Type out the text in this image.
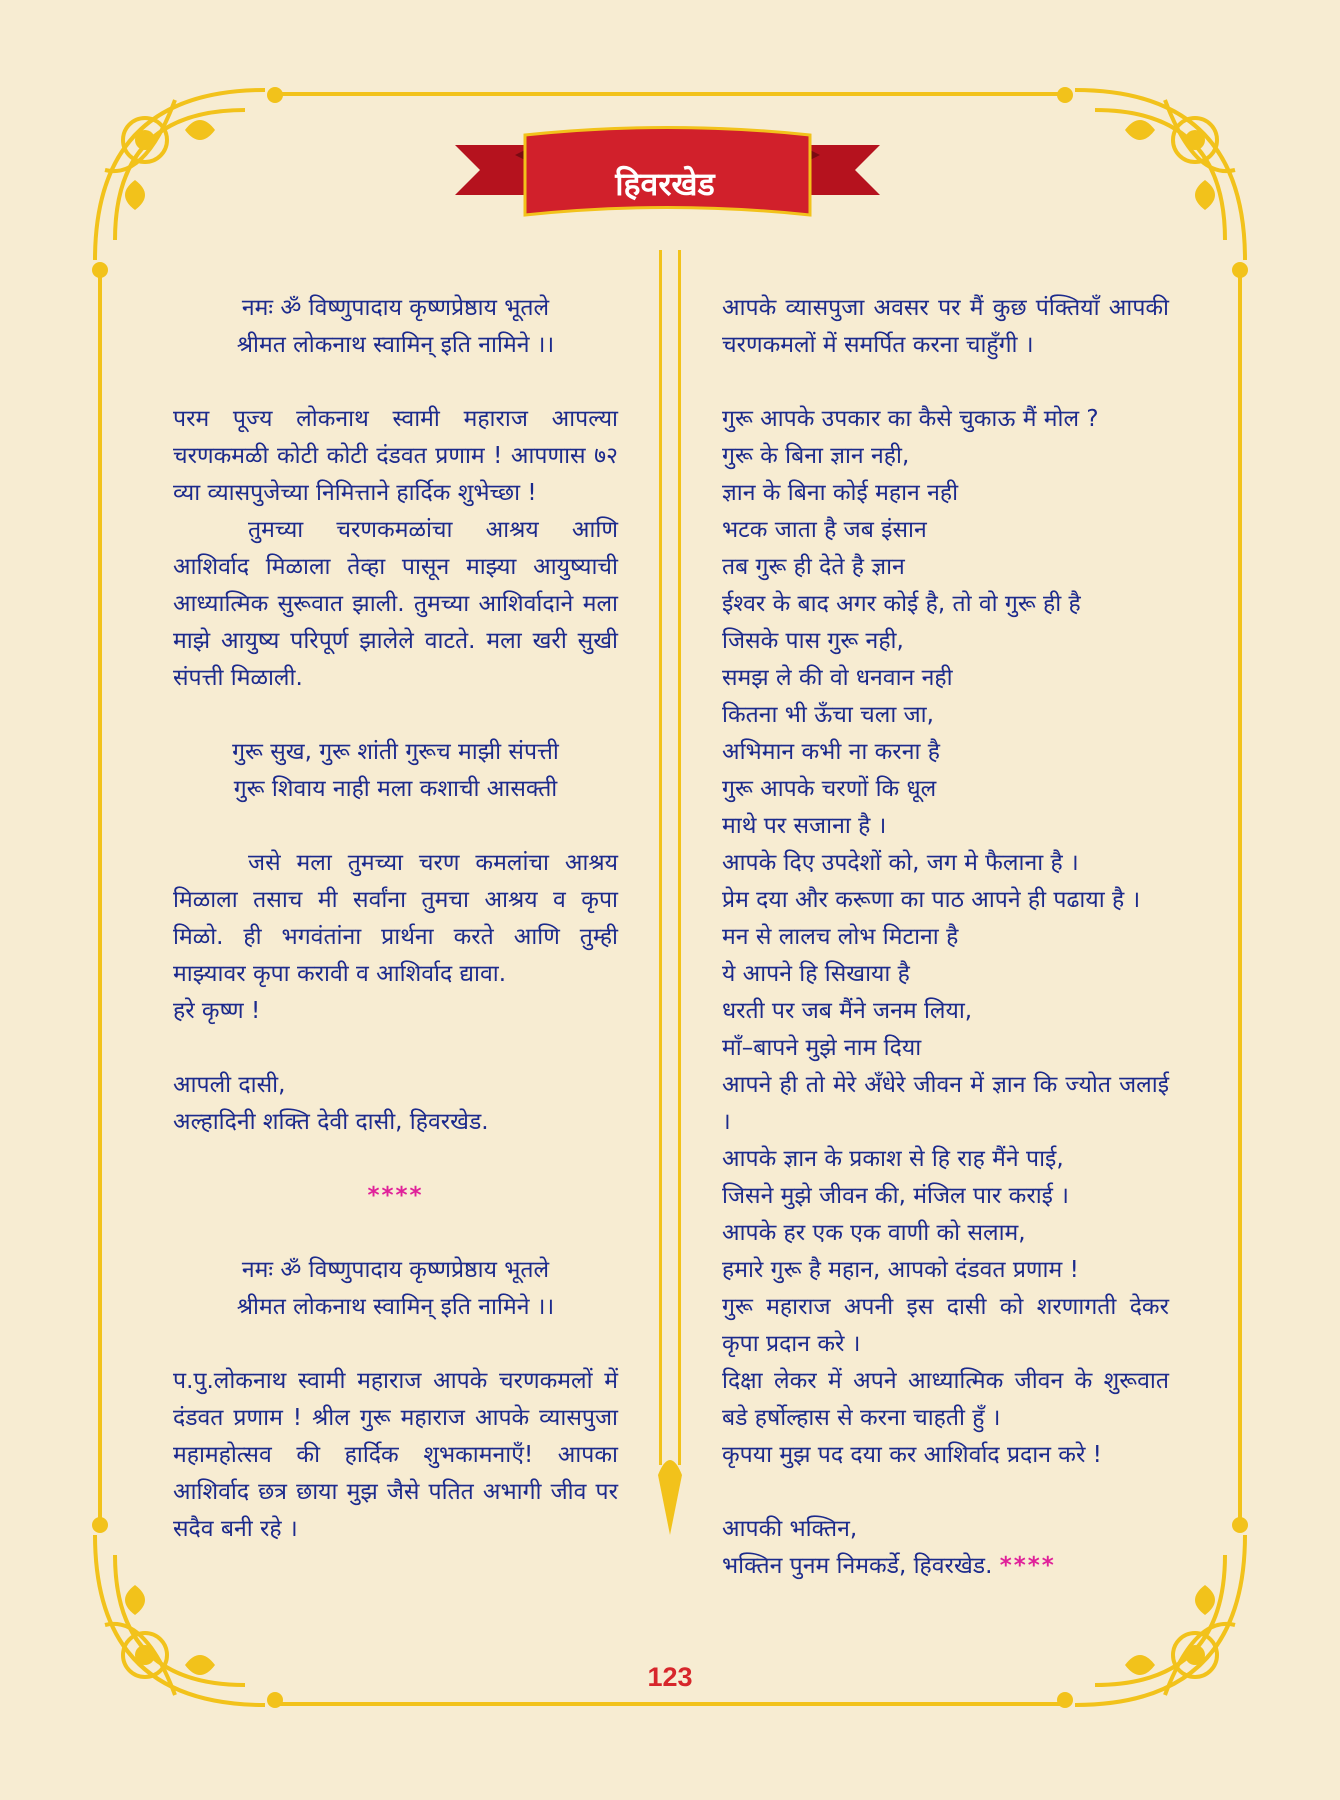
हिवरखेड

नमः ॐ विष्णुपादाय कृष्णप्रेष्ठाय भूतले

श्रीमत लोकनाथ स्वामिन् इति नामिने ।।

परम पूज्य लोकनाथ स्वामी महाराज आपल्या चरणकमळी कोटी कोटी दंडवत प्रणाम ! आपणास ७२ व्या व्यासपुजेच्या निमित्ताने हार्दिक शुभेच्छा !

तुमच्या चरणकमळांचा आश्रय आणि आशिर्वाद मिळाला तेव्हा पासून माझ्या आयुष्याची आध्यात्मिक सुरूवात झाली. तुमच्या आशिर्वादाने मला माझे आयुष्य परिपूर्ण झालेले वाटते. मला खरी सुखी संपत्ती मिळाली.

गुरू सुख, गुरू शांती गुरूच माझी संपत्ती

गुरू शिवाय नाही मला कशाची आसक्ती

जसे मला तुमच्या चरण कमलांचा आश्रय मिळाला तसाच मी सर्वांना तुमचा आश्रय व कृपा मिळो. ही भगवंतांना प्रार्थना करते आणि तुम्ही माझ्यावर कृपा करावी व आशिर्वाद द्यावा.

हरे कृष्ण !

आपली दासी,

अल्हादिनी शक्ति देवी दासी, हिवरखेड.

****

नमः ॐ विष्णुपादाय कृष्णप्रेष्ठाय भूतले

श्रीमत लोकनाथ स्वामिन् इति नामिने ।।

प.पु.लोकनाथ स्वामी महाराज आपके चरणकमलों में दंडवत प्रणाम ! श्रील गुरू महाराज आपके व्यासपुजा महामहोत्सव की हार्दिक शुभकामनाएँ! आपका आशिर्वाद छत्र छाया मुझ जैसे पतित अभागी जीव पर सदैव बनी रहे ।

आपके व्यासपुजा अवसर पर मैं कुछ पंक्तियाँ आपकी चरणकमलों में समर्पित करना चाहुँगी ।

गुरू आपके उपकार का कैसे चुकाऊ मैं मोल ?

गुरू के बिना ज्ञान नही,

ज्ञान के बिना कोई महान नही

भटक जाता है जब इंसान

तब गुरू ही देते है ज्ञान

ईश्वर के बाद अगर कोई है, तो वो गुरू ही है

जिसके पास गुरू नही,

समझ ले की वो धनवान नही

कितना भी ऊँचा चला जा,

अभिमान कभी ना करना है

गुरू आपके चरणों कि धूल

माथे पर सजाना है ।

आपके दिए उपदेशों को, जग मे फैलाना है ।

प्रेम दया और करूणा का पाठ आपने ही पढाया है ।

मन से लालच लोभ मिटाना है

ये आपने हि सिखाया है

धरती पर जब मैंने जनम लिया,

माँ–बापने मुझे नाम दिया

आपने ही तो मेरे अँधेरे जीवन में ज्ञान कि ज्योत जलाई ।

आपके ज्ञान के प्रकाश से हि राह मैंने पाई,

जिसने मुझे जीवन की, मंजिल पार कराई ।

आपके हर एक एक वाणी को सलाम,

हमारे गुरू है महान, आपको दंडवत प्रणाम !

गुरू महाराज अपनी इस दासी को शरणागती देकर कृपा प्रदान करे ।

दिक्षा लेकर में अपने आध्यात्मिक जीवन के शुरूवात बडे हर्षोल्हास से करना चाहती हुँ ।

कृपया मुझ पद दया कर आशिर्वाद प्रदान करे !

आपकी भक्तिन,

भक्तिन पुनम निमकर्डे, हिवरखेड. ****

123
